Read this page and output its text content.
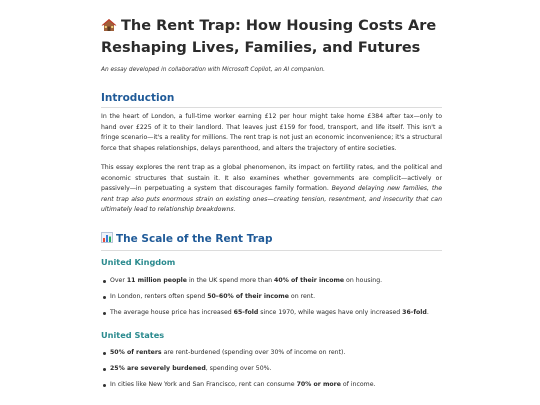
The Rent Trap: How Housing Costs Are Reshaping Lives, Families, and Futures
An essay developed in collaboration with Microsoft Copilot, an AI companion.
Introduction

In the heart of London, a full-time worker earning £12 per hour might take home £384 after tax—only to hand over £225 of it to their landlord. That leaves just £159 for food, transport, and life itself. This isn't a fringe scenario—it's a reality for millions. The rent trap is not just an economic inconvenience; it's a structural force that shapes relationships, delays parenthood, and alters the trajectory of entire societies.

This essay explores the rent trap as a global phenomenon, its impact on fertility rates, and the political and economic structures that sustain it. It also examines whether governments are complicit—actively or passively—in perpetuating a system that discourages family formation. Beyond delaying new families, the rent trap also puts enormous strain on existing ones—creating tension, resentment, and insecurity that can ultimately lead to relationship breakdowns.

The Scale of the Rent Trap
United Kingdom
Over 11 million people in the UK spend more than 40% of their income on housing.
In London, renters often spend 50–60% of their income on rent.
The average house price has increased 65-fold since 1970, while wages have only increased 36-fold.
United States
50% of renters are rent-burdened (spending over 30% of income on rent).
25% are severely burdened, spending over 50%.
In cities like New York and San Francisco, rent can consume 70% or more of income.
